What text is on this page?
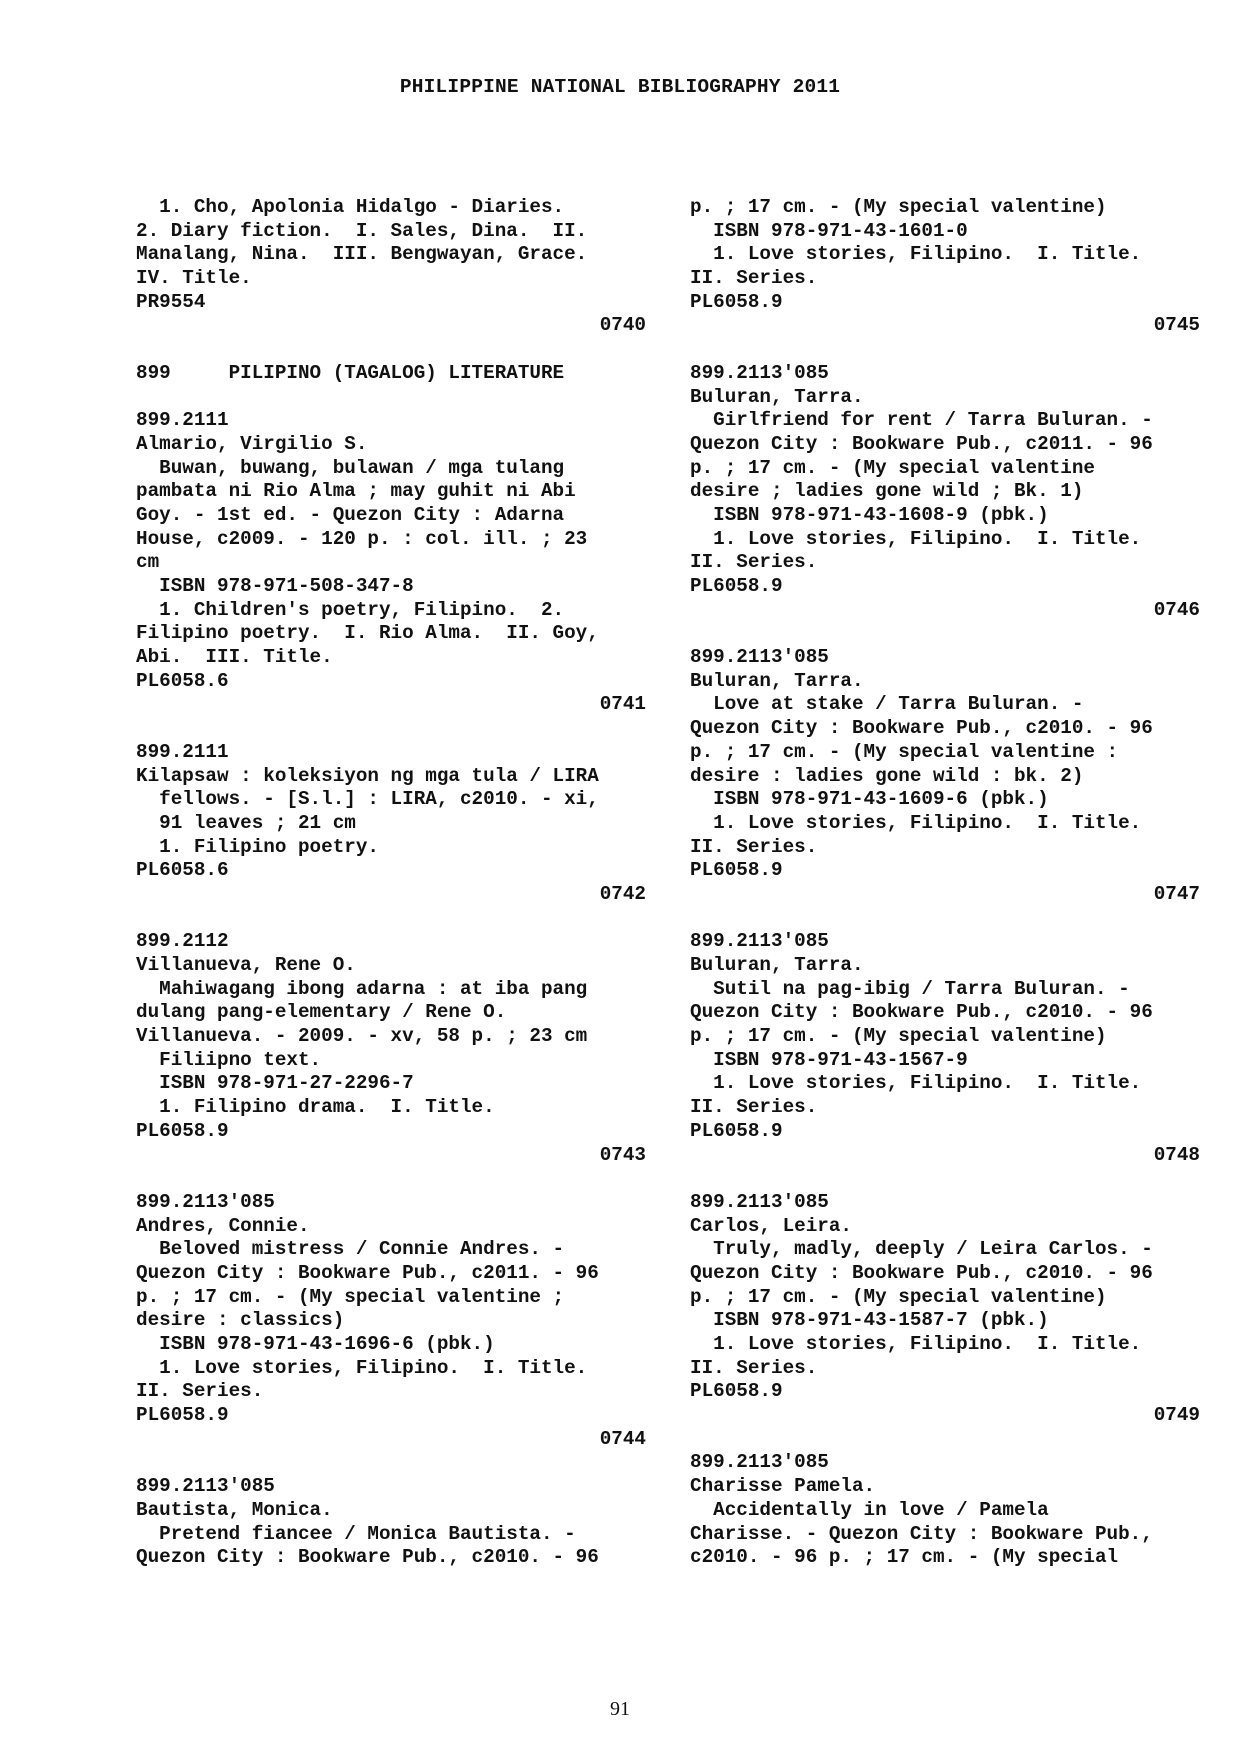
PHILIPPINE NATIONAL BIBLIOGRAPHY 2011
1. Cho, Apolonia Hidalgo - Diaries.
2. Diary fiction.  I. Sales, Dina.  II.
Manalang, Nina.  III. Bengwayan, Grace.
IV. Title.
PR9554
0740
899     PILIPINO (TAGALOG) LITERATURE
899.2111
Almario, Virgilio S.
Buwan, buwang, bulawan / mga tulang
pambata ni Rio Alma ; may guhit ni Abi
Goy. - 1st ed. - Quezon City : Adarna
House, c2009. - 120 p. : col. ill. ; 23
cm
ISBN 978-971-508-347-8
1. Children's poetry, Filipino.  2.
Filipino poetry.  I. Rio Alma.  II. Goy,
Abi.  III. Title.
PL6058.6
0741
899.2111
Kilapsaw : koleksiyon ng mga tula / LIRA
fellows. - [S.l.] : LIRA, c2010. - xi,
91 leaves ; 21 cm
1. Filipino poetry.
PL6058.6
0742
899.2112
Villanueva, Rene O.
Mahiwagang ibong adarna : at iba pang
dulang pang-elementary / Rene O.
Villanueva. - 2009. - xv, 58 p. ; 23 cm
Filiipno text.
ISBN 978-971-27-2296-7
1. Filipino drama.  I. Title.
PL6058.9
0743
899.2113'085
Andres, Connie.
Beloved mistress / Connie Andres. -
Quezon City : Bookware Pub., c2011. - 96
p. ; 17 cm. - (My special valentine ;
desire : classics)
ISBN 978-971-43-1696-6 (pbk.)
1. Love stories, Filipino.  I. Title.
II. Series.
PL6058.9
0744
899.2113'085
Bautista, Monica.
Pretend fiancee / Monica Bautista. -
Quezon City : Bookware Pub., c2010. - 96
p. ; 17 cm. - (My special valentine)
ISBN 978-971-43-1601-0
1. Love stories, Filipino.  I. Title.
II. Series.
PL6058.9
0745
899.2113'085
Buluran, Tarra.
Girlfriend for rent / Tarra Buluran. -
Quezon City : Bookware Pub., c2011. - 96
p. ; 17 cm. - (My special valentine
desire ; ladies gone wild ; Bk. 1)
ISBN 978-971-43-1608-9 (pbk.)
1. Love stories, Filipino.  I. Title.
II. Series.
PL6058.9
0746
899.2113'085
Buluran, Tarra.
Love at stake / Tarra Buluran. -
Quezon City : Bookware Pub., c2010. - 96
p. ; 17 cm. - (My special valentine :
desire : ladies gone wild : bk. 2)
ISBN 978-971-43-1609-6 (pbk.)
1. Love stories, Filipino.  I. Title.
II. Series.
PL6058.9
0747
899.2113'085
Buluran, Tarra.
Sutil na pag-ibig / Tarra Buluran. -
Quezon City : Bookware Pub., c2010. - 96
p. ; 17 cm. - (My special valentine)
ISBN 978-971-43-1567-9
1. Love stories, Filipino.  I. Title.
II. Series.
PL6058.9
0748
899.2113'085
Carlos, Leira.
Truly, madly, deeply / Leira Carlos. -
Quezon City : Bookware Pub., c2010. - 96
p. ; 17 cm. - (My special valentine)
ISBN 978-971-43-1587-7 (pbk.)
1. Love stories, Filipino.  I. Title.
II. Series.
PL6058.9
0749
899.2113'085
Charisse Pamela.
Accidentally in love / Pamela
Charisse. - Quezon City : Bookware Pub.,
c2010. - 96 p. ; 17 cm. - (My special
91
